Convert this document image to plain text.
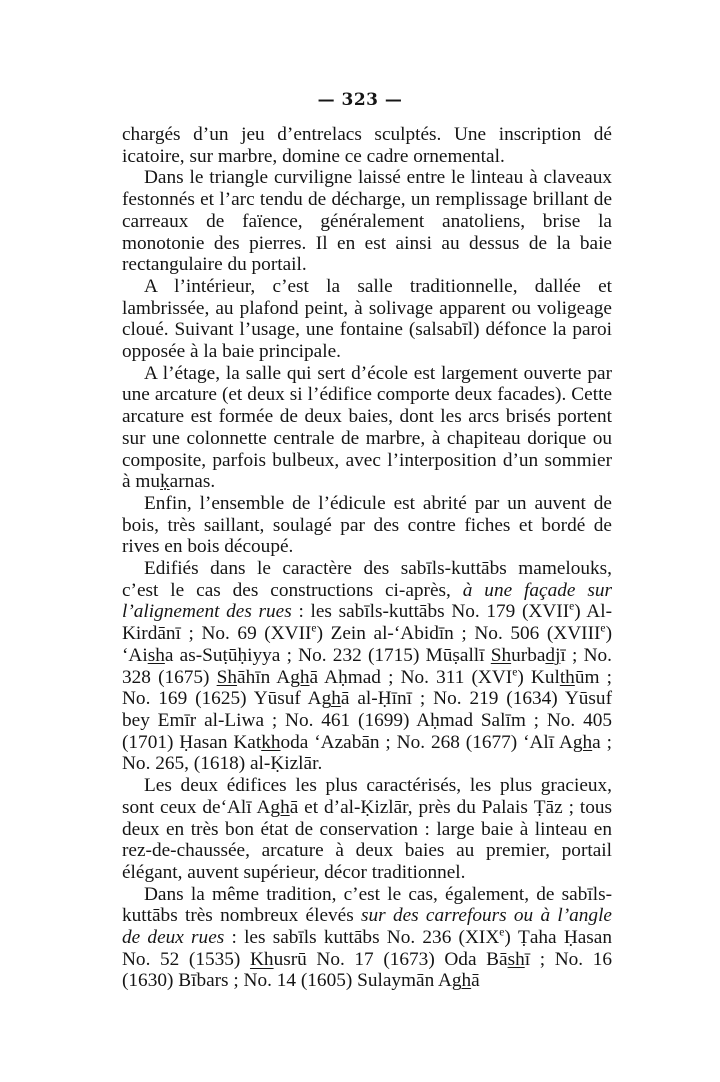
— 323 —

chargés d’un jeu d’entrelacs sculptés. Une inscription dé icatoire, sur marbre, domine ce cadre ornemental.

Dans le triangle curviligne laissé entre le linteau à claveaux festonnés et l’arc tendu de décharge, un remplissage brillant de carreaux de faïence, généralement anatoliens, brise la monotonie des pierres. Il en est ainsi au dessus de la baie rectangulaire du portail.

A l’intérieur, c’est la salle traditionnelle, dallée et lambrissée, au plafond peint, à solivage apparent ou voligeage cloué. Suivant l’usage, une fontaine (salsabīl) défonce la paroi opposée à la baie principale.

A l’étage, la salle qui sert d’école est largement ouverte par une arcature (et deux si l’édifice comporte deux facades). Cette arcature est formée de deux baies, dont les arcs brisés portent sur une colonnette centrale de marbre, à chapiteau dorique ou composite, parfois bulbeux, avec l’interposition d’un sommier à muḳarnas.

Enfin, l’ensemble de l’édicule est abrité par un auvent de bois, très saillant, soulagé par des contre fiches et bordé de rives en bois découpé.

Edifiés dans le caractère des sabīls-kuttābs mamelouks, c’est le cas des constructions ci-après, à une façade sur l’alignement des rues : les sabīls-kuttābs No. 179 (XVIIe) Al-Kirdānī ; No. 69 (XVIIe) Zein al-‘Abidīn ; No. 506 (XVIIIe) ‘Aisha as-Suṭūḥiyya ; No. 232 (1715) Mūṣallī Shurbadjī ; No. 328 (1675) Shāhīn Aghā Aḥmad ; No. 311 (XVIe) Kulthūm ; No. 169 (1625) Yūsuf Aghā al-Ḥīnī ; No. 219 (1634) Yūsuf bey Emīr al-Liwa ; No. 461 (1699) Aḥmad Salīm ; No. 405 (1701) Ḥasan Katkhoda ‘Azabān ; No. 268 (1677) ‘Alī Agha ; No. 265, (1618) al-Ḳizlār.

Les deux édifices les plus caractérisés, les plus gracieux, sont ceux de‘Alī Aghā et d’al-Ḳizlār, près du Palais Ṭāz ; tous deux en très bon état de conservation : large baie à linteau en rez-de-chaussée, arcature à deux baies au premier, portail élégant, auvent supérieur, décor traditionnel.

Dans la même tradition, c’est le cas, également, de sabīls-kuttābs très nombreux élevés sur des carrefours ou à l’angle de deux rues : les sabīls kuttābs No. 236 (XIXe) Ṭaha Ḥasan No. 52 (1535) Khusrū No. 17 (1673) Oda Bāshī ; No. 16 (1630) Bībars ; No. 14 (1605) Sulaymān Aghā
